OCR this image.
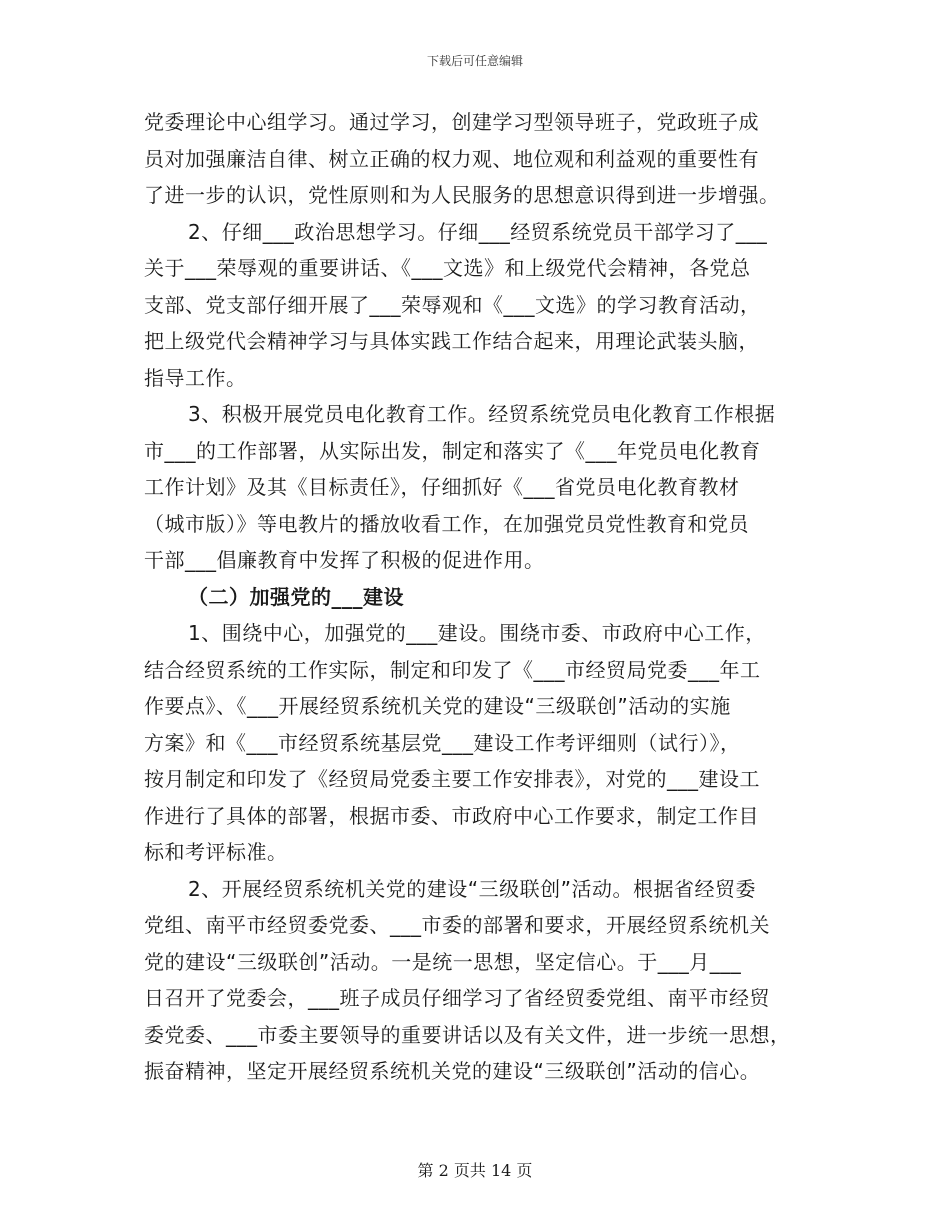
下载后可任意编辑
党委理论中心组学习。通过学习，创建学习型领导班子，党政班子成
员对加强廉洁自律、树立正确的权力观、地位观和利益观的重要性有
了进一步的认识，党性原则和为人民服务的思想意识得到进一步增强。
2、仔细___政治思想学习。仔细___经贸系统党员干部学习了___
关于___荣辱观的重要讲话、《___文选》和上级党代会精神，各党总
支部、党支部仔细开展了___荣辱观和《___文选》的学习教育活动，
把上级党代会精神学习与具体实践工作结合起来，用理论武装头脑，
指导工作。
3、积极开展党员电化教育工作。经贸系统党员电化教育工作根据
市___的工作部署，从实际出发，制定和落实了《___年党员电化教育
工作计划》及其《目标责任》，仔细抓好《___省党员电化教育教材
（城市版）》等电教片的播放收看工作，在加强党员党性教育和党员
干部___倡廉教育中发挥了积极的促进作用。
（二）加强党的___建设
1、围绕中心，加强党的___建设。围绕市委、市政府中心工作，
结合经贸系统的工作实际，制定和印发了《___市经贸局党委___年工
作要点》、《___开展经贸系统机关党的建设“三级联创”活动的实施
方案》和《___市经贸系统基层党___建设工作考评细则（试行）》，
按月制定和印发了《经贸局党委主要工作安排表》，对党的___建设工
作进行了具体的部署，根据市委、市政府中心工作要求，制定工作目
标和考评标准。
2、开展经贸系统机关党的建设“三级联创”活动。根据省经贸委
党组、南平市经贸委党委、___市委的部署和要求，开展经贸系统机关
党的建设“三级联创”活动。一是统一思想，坚定信心。于___月___
日召开了党委会，___班子成员仔细学习了省经贸委党组、南平市经贸
委党委、___市委主要领导的重要讲话以及有关文件，进一步统一思想，
振奋精神，坚定开展经贸系统机关党的建设“三级联创”活动的信心。
第 2 页共 14 页
